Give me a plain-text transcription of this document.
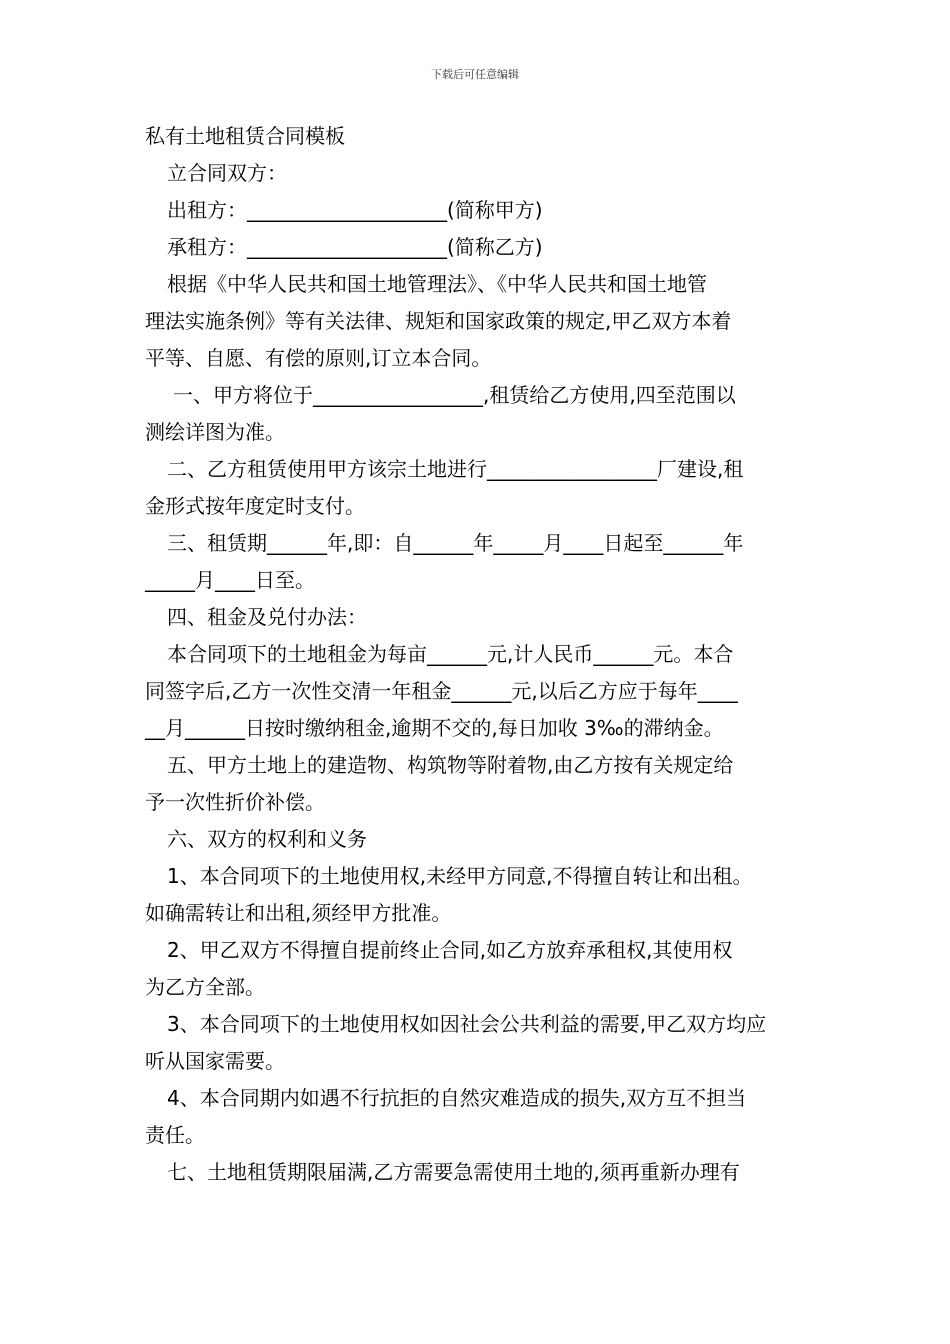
下载后可任意编辑

私有土地租赁合同模板

立合同双方：

出租方：____________________(简称甲方)

承租方：____________________(简称乙方)

根据《中华人民共和国土地管理法》、《中华人民共和国土地管

理法实施条例》等有关法律、规矩和国家政策的规定,甲乙双方本着

平等、自愿、有偿的原则,订立本合同。

一、甲方将位于_________________,租赁给乙方使用,四至范围以

测绘详图为准。

二、乙方租赁使用甲方该宗土地进行_________________厂建设,租

金形式按年度定时支付。

三、租赁期______年,即：自______年_____月____日起至______年

_____月____日至。

四、租金及兑付办法：

本合同项下的土地租金为每亩______元,计人民币______元。本合

同签字后,乙方一次性交清一年租金______元,以后乙方应于每年____

__月______日按时缴纳租金,逾期不交的,每日加收 3‰的滞纳金。

五、甲方土地上的建造物、构筑物等附着物,由乙方按有关规定给

予一次性折价补偿。

六、双方的权利和义务

1、本合同项下的土地使用权,未经甲方同意,不得擅自转让和出租。

如确需转让和出租,须经甲方批准。

2、甲乙双方不得擅自提前终止合同,如乙方放弃承租权,其使用权

为乙方全部。

3、本合同项下的土地使用权如因社会公共利益的需要,甲乙双方均应

听从国家需要。

4、本合同期内如遇不行抗拒的自然灾难造成的损失,双方互不担当

责任。

七、土地租赁期限届满,乙方需要急需使用土地的,须再重新办理有
